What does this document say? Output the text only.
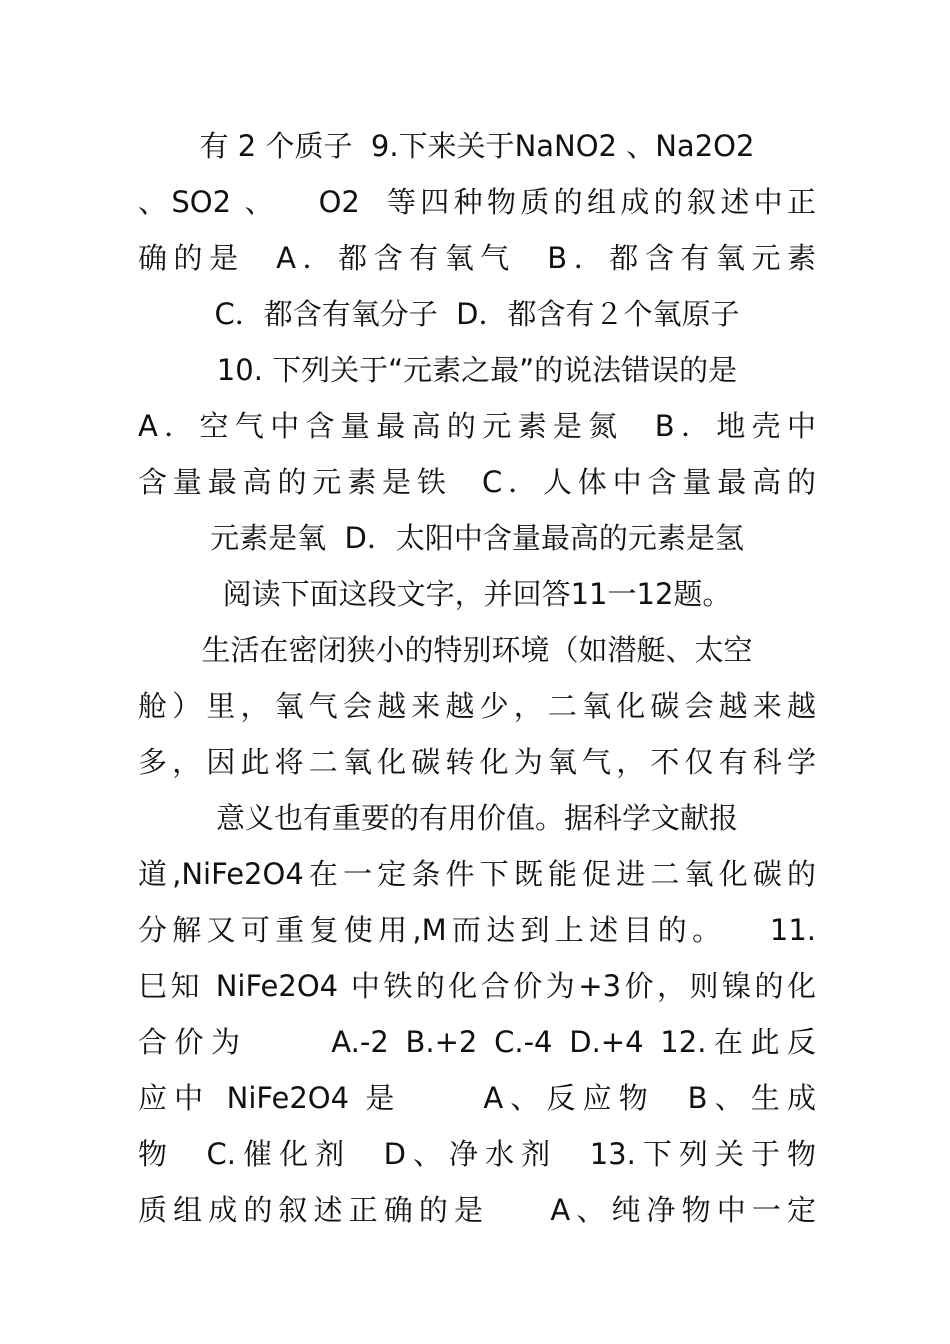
有 2 个质子  9.下来关于NaNO2 、Na2O2
、SO2 、   O2  等四种物质的组成的叙述中正
确的是  A．都含有氧气  B．都含有氧元素
C．都含有氧分子  D．都含有２个氧原子
10. 下列关于“元素之最”的说法错误的是
A．空气中含量最高的元素是氮  B．地壳中
含量最高的元素是铁  C．人体中含量最高的
元素是氧  D．太阳中含量最高的元素是氢
阅读下面这段文字，并回答11一12题。
生活在密闭狭小的特别环境（如潜艇、太空
舱）里，氧气会越来越少，二氧化碳会越来越
多，因此将二氧化碳转化为氧气，不仅有科学
意义也有重要的有用价值。据科学文献报
道,NiFe2O4在一定条件下既能促进二氧化碳的
分解又可重复使用,M而达到上述目的。   11.
巳知 NiFe2O4 中铁的化合价为+3价，则镍的化
合价为     A.-2 B.+2 C.-4 D.+4 12.在此反
应中 NiFe2O4 是     A、反应物  B、生成
物  C.催化剂  D、净水剂  13.下列关于物
质组成的叙述正确的是    A、纯净物中一定
